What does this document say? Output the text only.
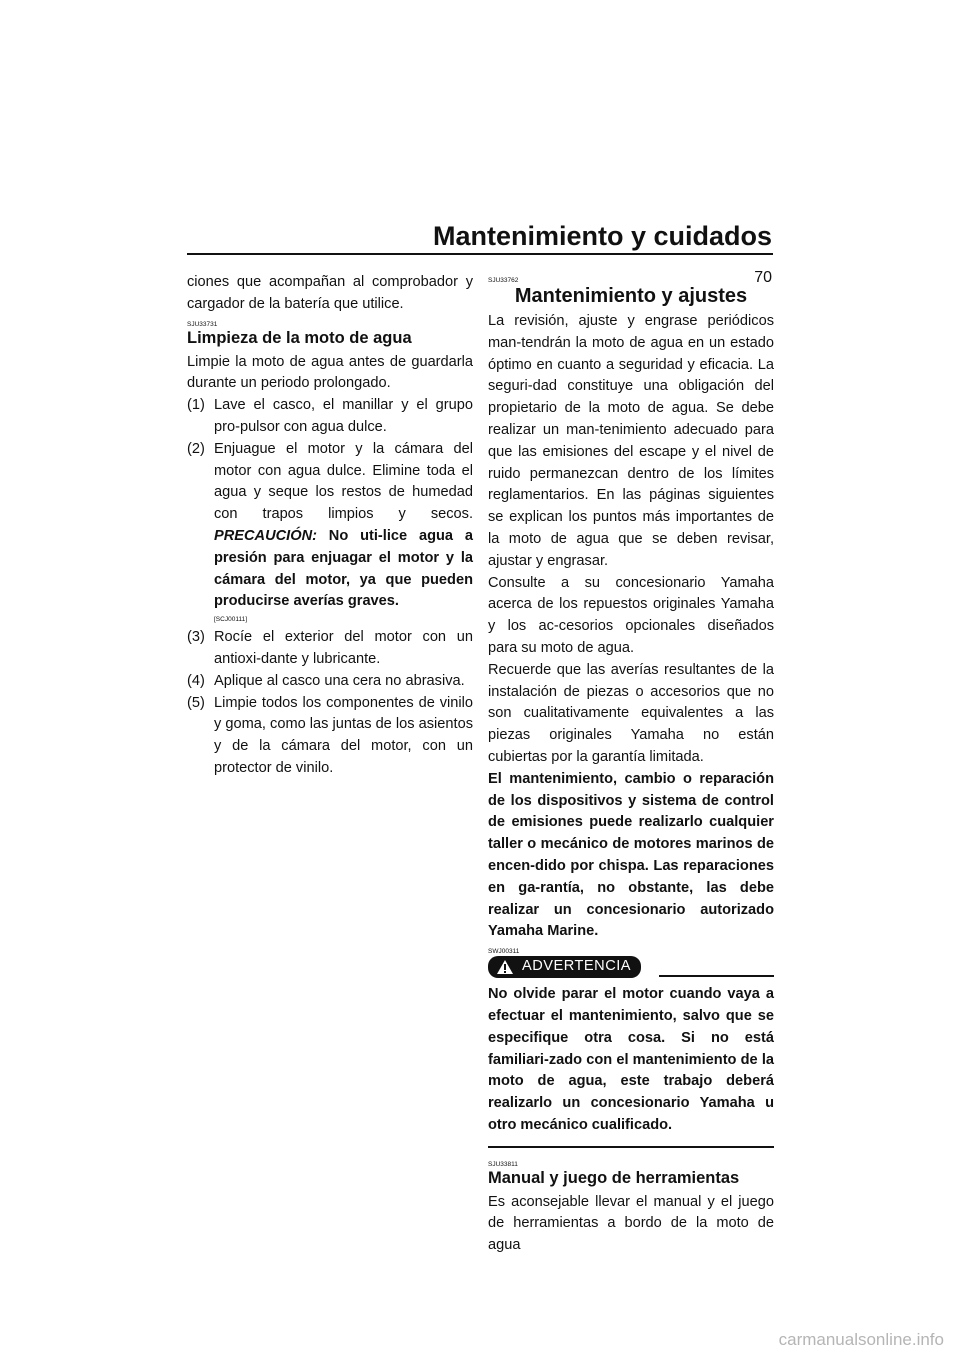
Mantenimiento y cuidados
70

ciones que acompañan al comprobador y cargador de la batería que utilice.

SJU33731
Limpieza de la moto de agua

Limpie la moto de agua antes de guardarla durante un periodo prolongado.

(1) Lave el casco, el manillar y el grupo pro-pulsor con agua dulce.
(2) Enjuague el motor y la cámara del motor con agua dulce. Elimine toda el agua y seque los restos de humedad con trapos limpios y secos. PRECAUCIÓN: No uti-lice agua a presión para enjuagar el motor y la cámara del motor, ya que pueden producirse averías graves.
[SCJ00111]
(3) Rocíe el exterior del motor con un antioxi-dante y lubricante.
(4) Aplique al casco una cera no abrasiva.
(5) Limpie todos los componentes de vinilo y goma, como las juntas de los asientos y de la cámara del motor, con un protector de vinilo.
SJU33762
Mantenimiento y ajustes

La revisión, ajuste y engrase periódicos man-tendrán la moto de agua en un estado óptimo en cuanto a seguridad y eficacia. La seguri-dad constituye una obligación del propietario de la moto de agua. Se debe realizar un man-tenimiento adecuado para que las emisiones del escape y el nivel de ruido permanezcan dentro de los límites reglamentarios. En las páginas siguientes se explican los puntos más importantes de la moto de agua que se deben revisar, ajustar y engrasar.

Consulte a su concesionario Yamaha acerca de los repuestos originales Yamaha y los ac-cesorios opcionales diseñados para su moto de agua.

Recuerde que las averías resultantes de la instalación de piezas o accesorios que no son cualitativamente equivalentes a las piezas originales Yamaha no están cubiertas por la garantía limitada.

El mantenimiento, cambio o reparación de los dispositivos y sistema de control de emisiones puede realizarlo cualquier taller o mecánico de motores marinos de encen-dido por chispa. Las reparaciones en ga-rantía, no obstante, las debe realizar un concesionario autorizado Yamaha Marine.

SWJ00311
ADVERTENCIA

No olvide parar el motor cuando vaya a efectuar el mantenimiento, salvo que se especifique otra cosa. Si no está familiari-zado con el mantenimiento de la moto de agua, este trabajo deberá realizarlo un concesionario Yamaha u otro mecánico cualificado.

SJU33811
Manual y juego de herramientas

Es aconsejable llevar el manual y el juego de herramientas a bordo de la moto de agua

carmanualsonline.info
